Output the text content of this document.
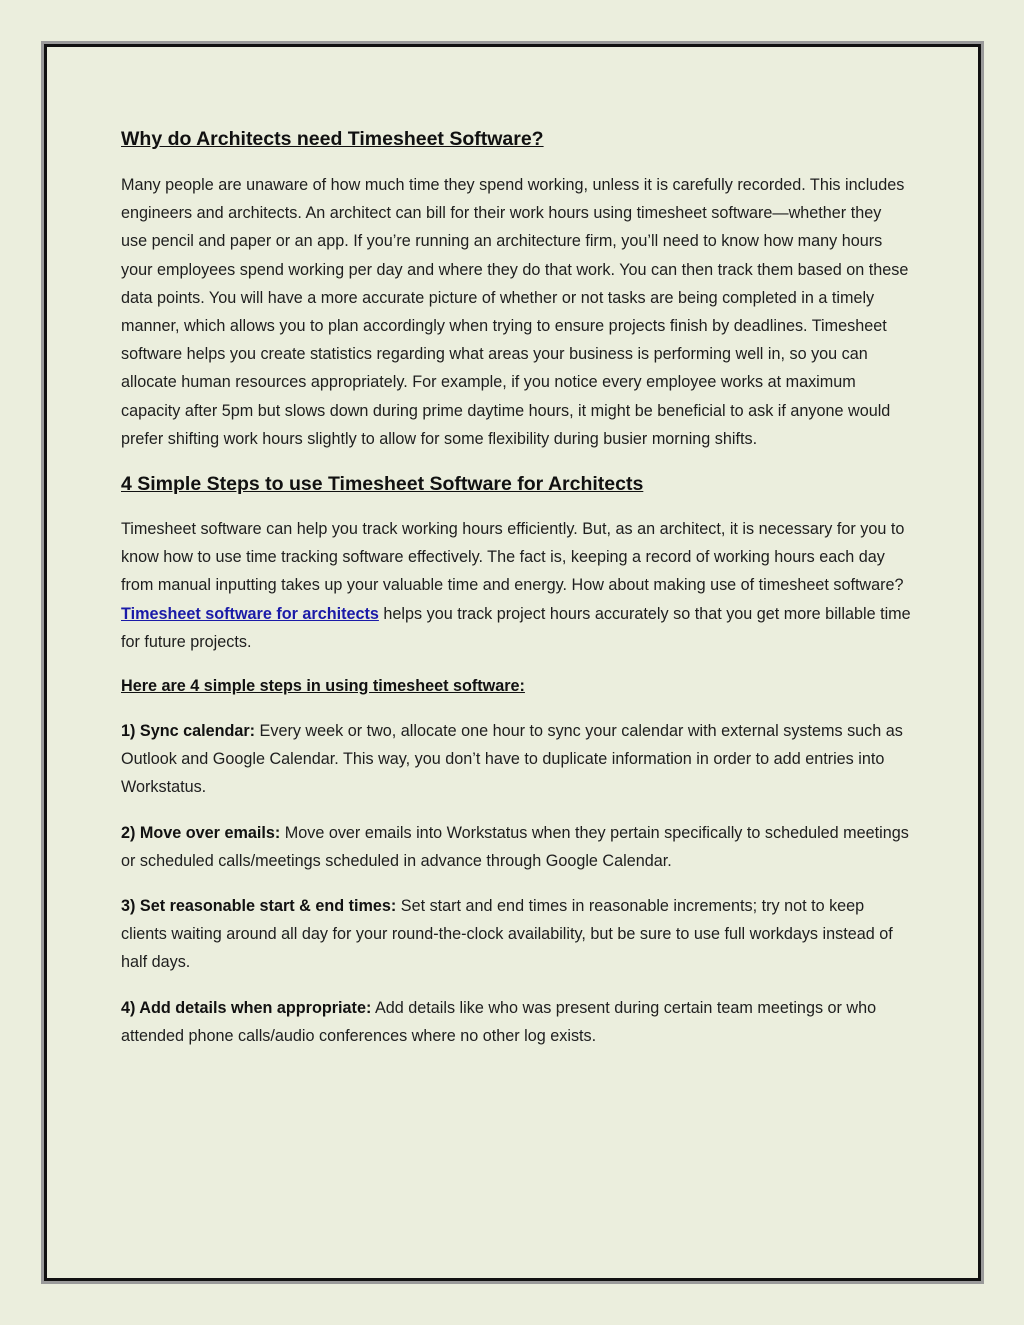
Why do Architects need Timesheet Software?

Many people are unaware of how much time they spend working, unless it is carefully recorded. This includes engineers and architects. An architect can bill for their work hours using timesheet software—whether they use pencil and paper or an app. If you’re running an architecture firm, you’ll need to know how many hours your employees spend working per day and where they do that work. You can then track them based on these data points. You will have a more accurate picture of whether or not tasks are being completed in a timely manner, which allows you to plan accordingly when trying to ensure projects finish by deadlines. Timesheet software helps you create statistics regarding what areas your business is performing well in, so you can allocate human resources appropriately. For example, if you notice every employee works at maximum capacity after 5pm but slows down during prime daytime hours, it might be beneficial to ask if anyone would prefer shifting work hours slightly to allow for some flexibility during busier morning shifts.

4 Simple Steps to use Timesheet Software for Architects

Timesheet software can help you track working hours efficiently. But, as an architect, it is necessary for you to know how to use time tracking software effectively. The fact is, keeping a record of working hours each day from manual inputting takes up your valuable time and energy. How about making use of timesheet software? Timesheet software for architects helps you track project hours accurately so that you get more billable time for future projects.

Here are 4 simple steps in using timesheet software:

1) Sync calendar: Every week or two, allocate one hour to sync your calendar with external systems such as Outlook and Google Calendar. This way, you don’t have to duplicate information in order to add entries into Workstatus.

2) Move over emails: Move over emails into Workstatus when they pertain specifically to scheduled meetings or scheduled calls/meetings scheduled in advance through Google Calendar.

3) Set reasonable start & end times: Set start and end times in reasonable increments; try not to keep clients waiting around all day for your round-the-clock availability, but be sure to use full workdays instead of half days.

4) Add details when appropriate: Add details like who was present during certain team meetings or who attended phone calls/audio conferences where no other log exists.
